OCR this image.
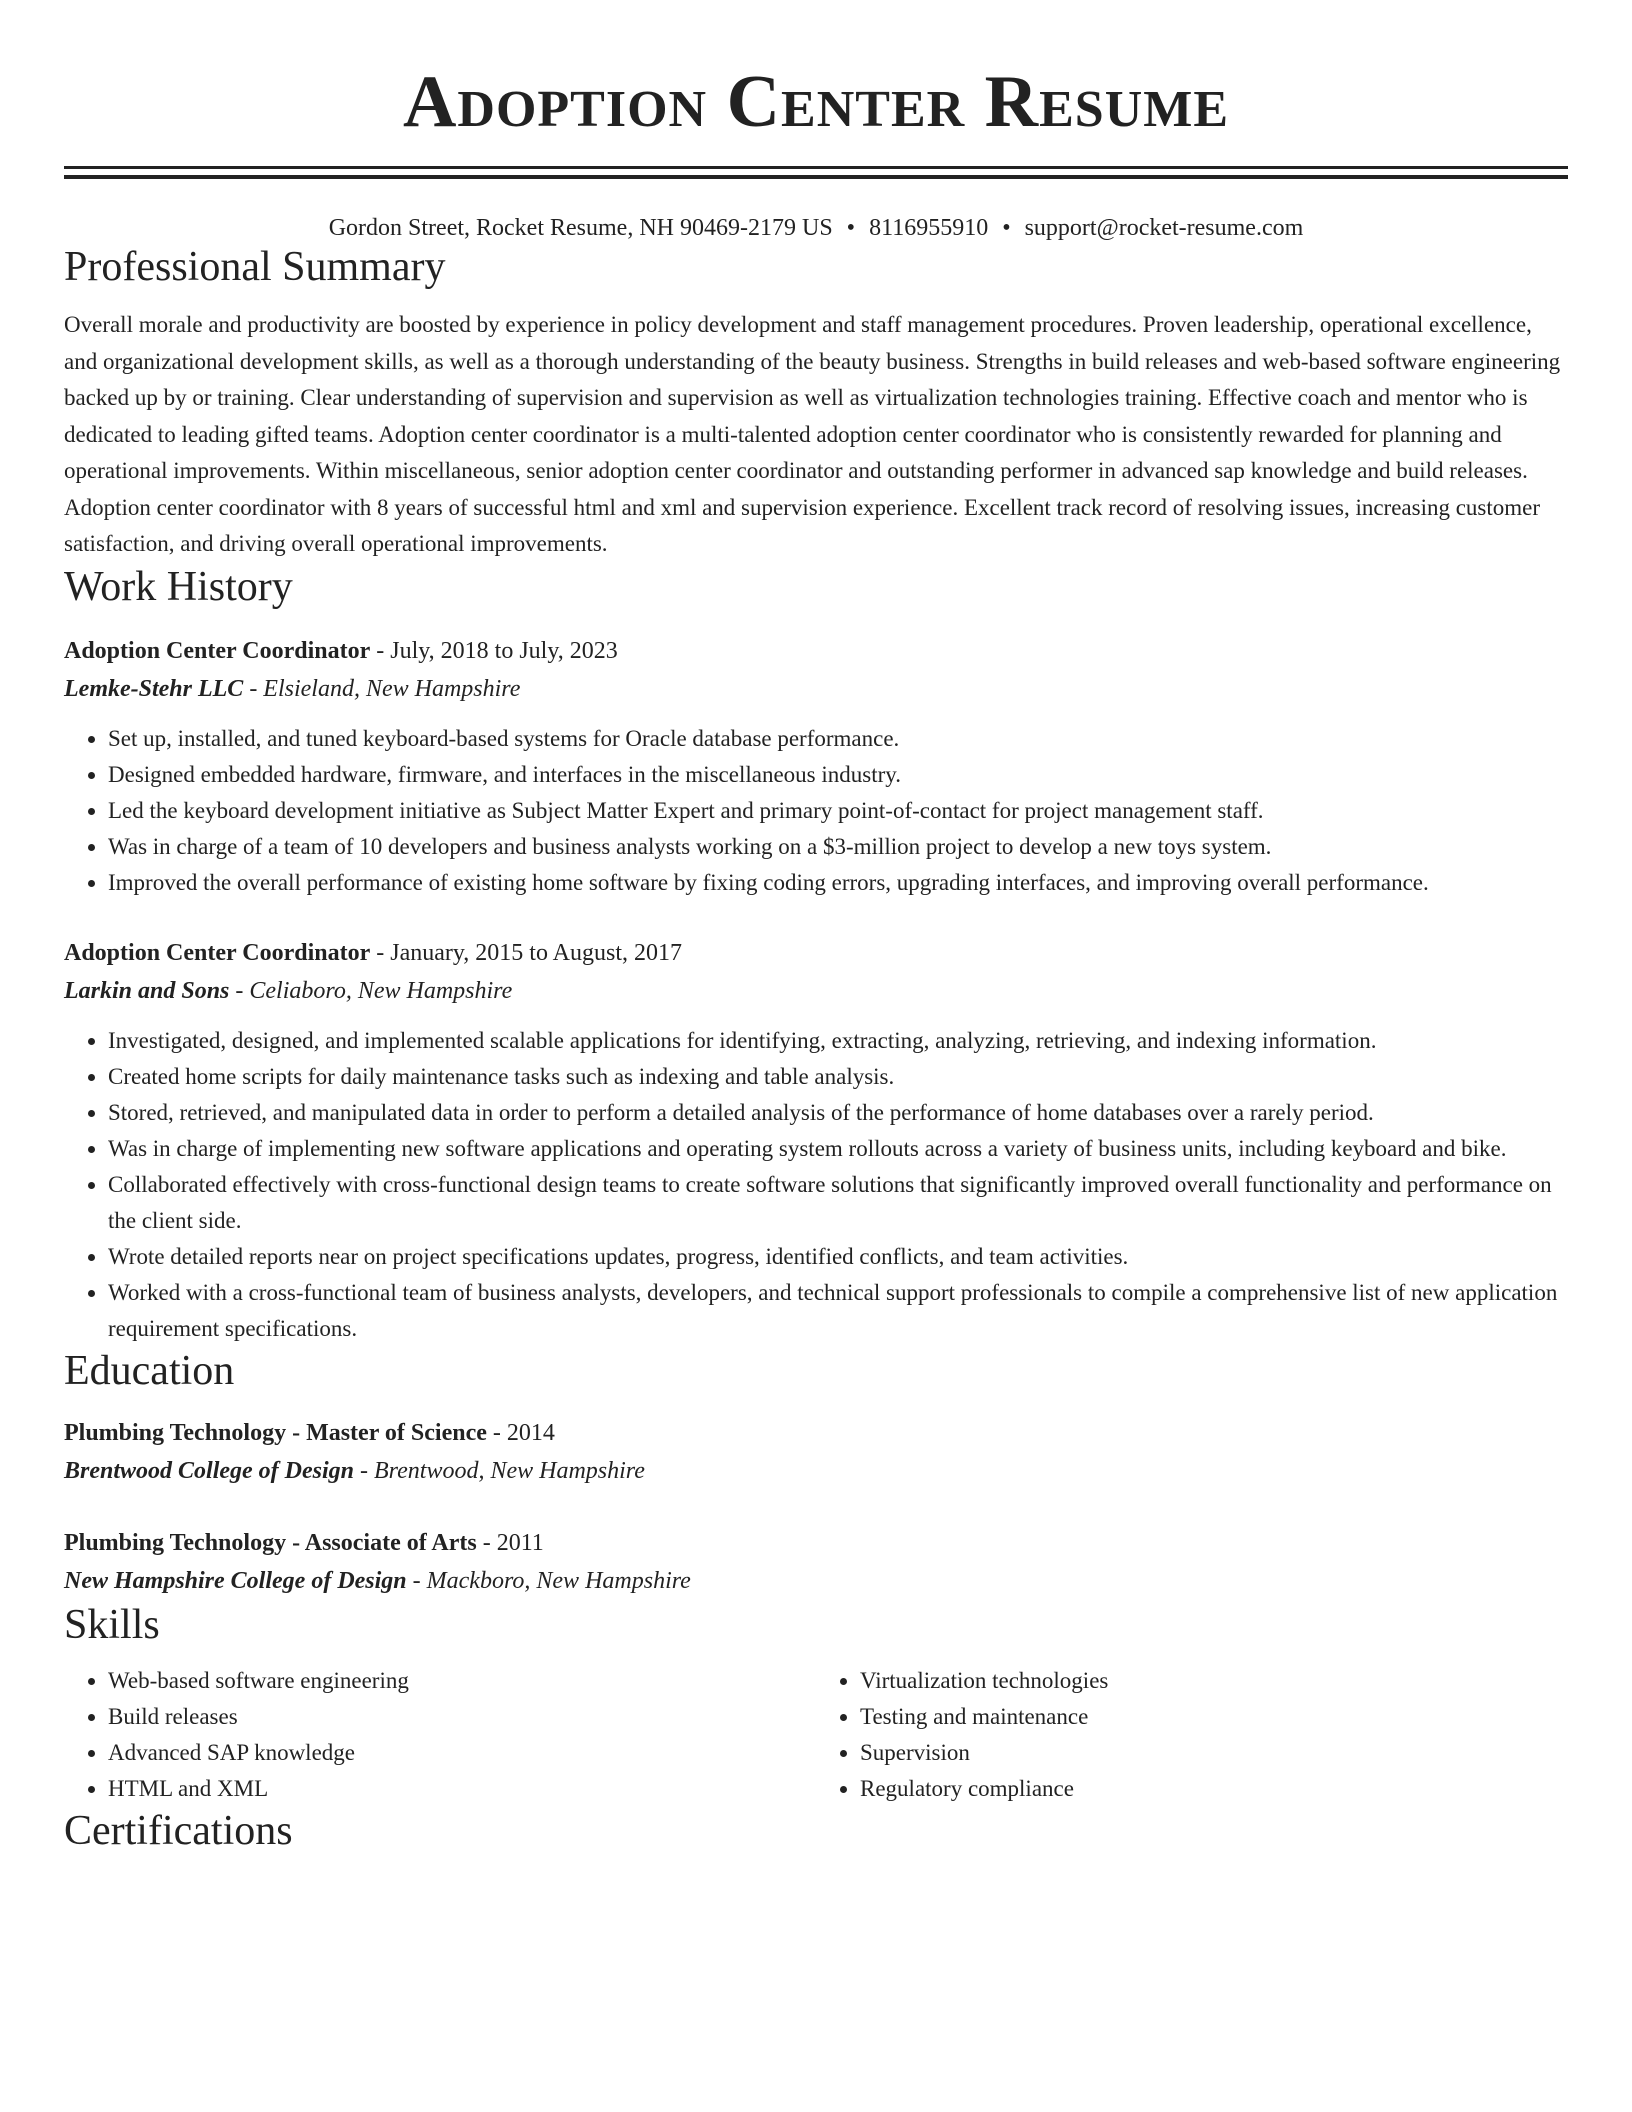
Adoption Center Resume
Gordon Street, Rocket Resume, NH 90469-2179 US • 8116955910 • support@rocket-resume.com
Professional Summary

Overall morale and productivity are boosted by experience in policy development and staff management procedures. Proven leadership, operational excellence, and organizational development skills, as well as a thorough understanding of the beauty business. Strengths in build releases and web-based software engineering backed up by or training. Clear understanding of supervision and supervision as well as virtualization technologies training. Effective coach and mentor who is dedicated to leading gifted teams. Adoption center coordinator is a multi-talented adoption center coordinator who is consistently rewarded for planning and operational improvements. Within miscellaneous, senior adoption center coordinator and outstanding performer in advanced sap knowledge and build releases. Adoption center coordinator with 8 years of successful html and xml and supervision experience. Excellent track record of resolving issues, increasing customer satisfaction, and driving overall operational improvements.

Work History
Adoption Center Coordinator - July, 2018 to July, 2023
Lemke-Stehr LLC - Elsieland, New Hampshire
• Set up, installed, and tuned keyboard-based systems for Oracle database performance.
• Designed embedded hardware, firmware, and interfaces in the miscellaneous industry.
• Led the keyboard development initiative as Subject Matter Expert and primary point-of-contact for project management staff.
• Was in charge of a team of 10 developers and business analysts working on a $3-million project to develop a new toys system.
• Improved the overall performance of existing home software by fixing coding errors, upgrading interfaces, and improving overall performance.
Adoption Center Coordinator - January, 2015 to August, 2017
Larkin and Sons - Celiaboro, New Hampshire
• Investigated, designed, and implemented scalable applications for identifying, extracting, analyzing, retrieving, and indexing information.
• Created home scripts for daily maintenance tasks such as indexing and table analysis.
• Stored, retrieved, and manipulated data in order to perform a detailed analysis of the performance of home databases over a rarely period.
• Was in charge of implementing new software applications and operating system rollouts across a variety of business units, including keyboard and bike.
• Collaborated effectively with cross-functional design teams to create software solutions that significantly improved overall functionality and performance on the client side.
• Wrote detailed reports near on project specifications updates, progress, identified conflicts, and team activities.
• Worked with a cross-functional team of business analysts, developers, and technical support professionals to compile a comprehensive list of new application requirement specifications.
Education
Plumbing Technology - Master of Science - 2014
Brentwood College of Design - Brentwood, New Hampshire
Plumbing Technology - Associate of Arts - 2011
New Hampshire College of Design - Mackboro, New Hampshire
Skills
• Web-based software engineering
• Build releases
• Advanced SAP knowledge
• HTML and XML
• Virtualization technologies
• Testing and maintenance
• Supervision
• Regulatory compliance
Certifications
